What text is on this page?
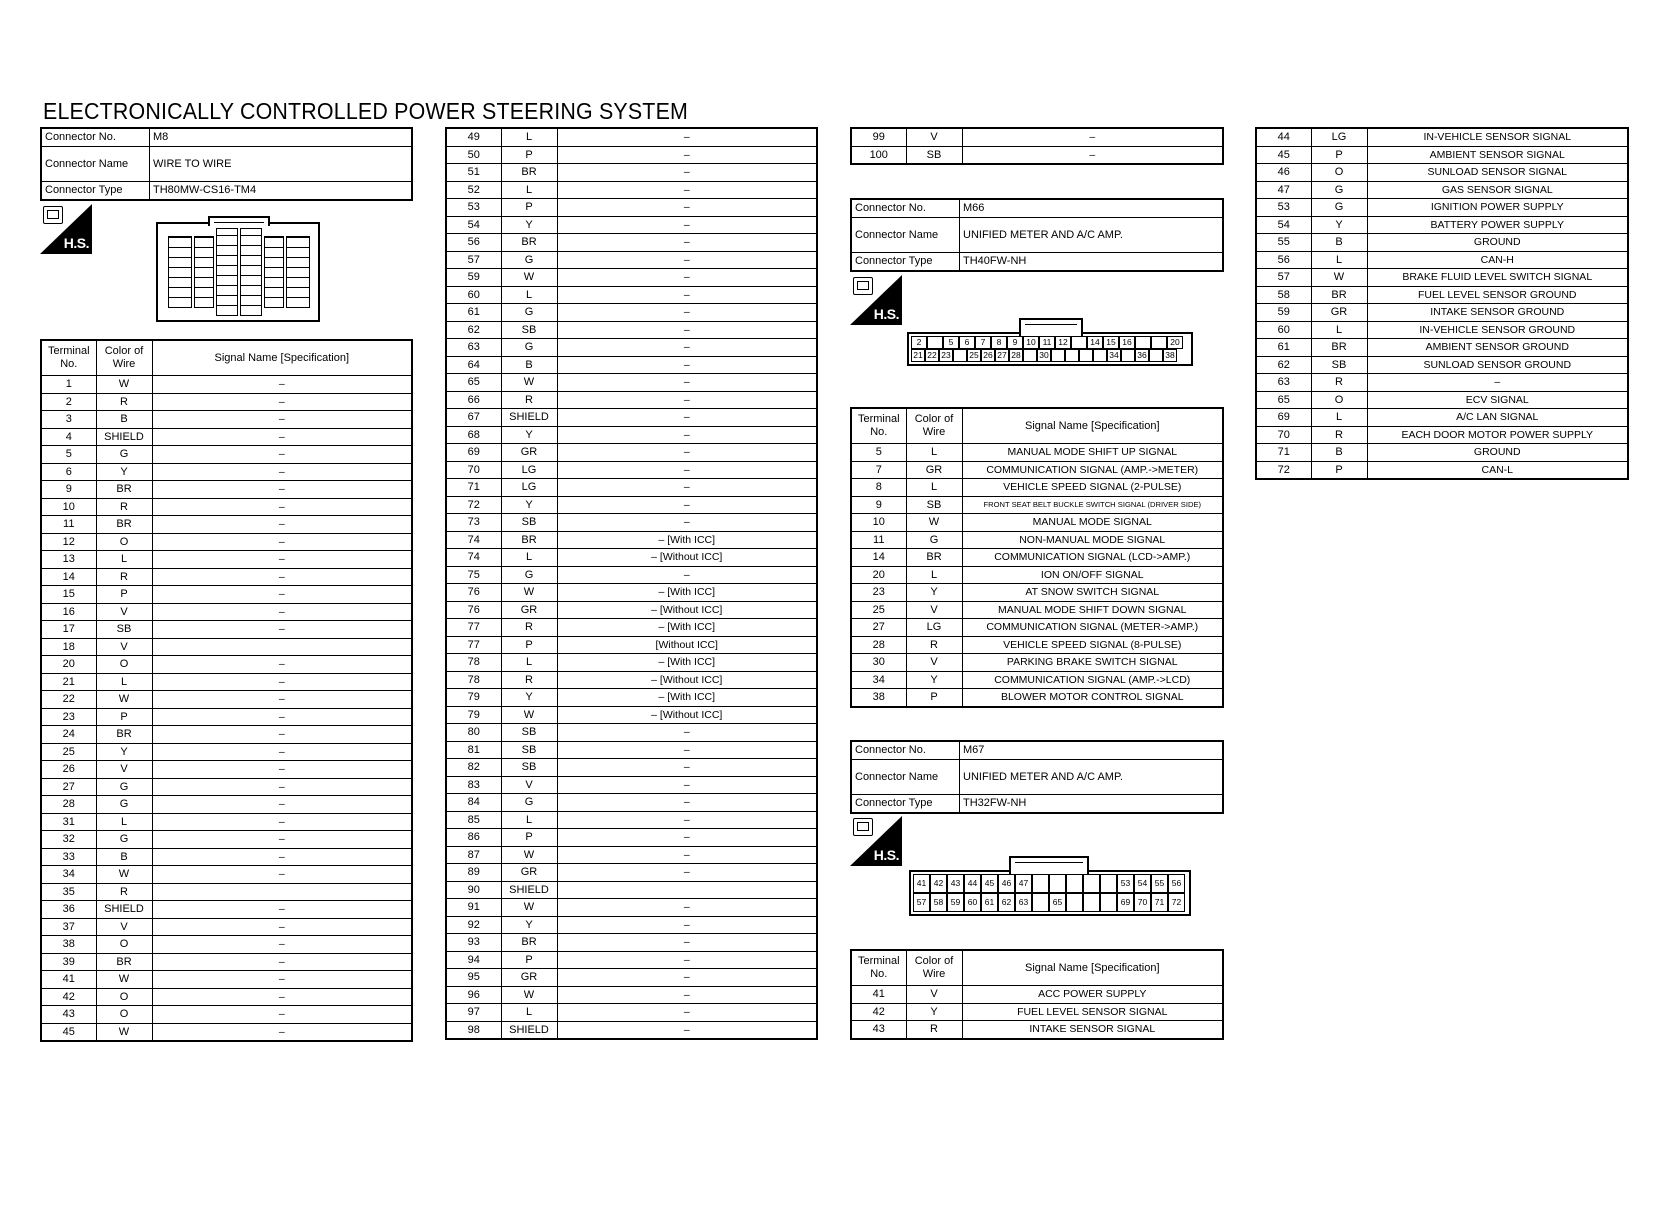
ELECTRONICALLY CONTROLLED POWER STEERING SYSTEM
Connector No.	M8
Connector Name	WIRE TO WIRE
Connector Type	TH80MW-CS16-TM4
H.S.
Terminal No.	Color of Wire	Signal Name [Specification]
1	W	–
2	R	–
3	B	–
4	SHIELD	–
5	G	–
6	Y	–
9	BR	–
10	R	–
11	BR	–
12	O	–
13	L	–
14	R	–
15	P	–
16	V	–
17	SB	–
18	V	
20	O	–
21	L	–
22	W	–
23	P	–
24	BR	–
25	Y	–
26	V	–
27	G	–
28	G	–
31	L	–
32	G	–
33	B	–
34	W	–
35	R	
36	SHIELD	–
37	V	–
38	O	–
39	BR	–
41	W	–
42	O	–
43	O	–
45	W	–
49	L	–
50	P	–
51	BR	–
52	L	–
53	P	–
54	Y	–
56	BR	–
57	G	–
59	W	–
60	L	–
61	G	–
62	SB	–
63	G	–
64	B	–
65	W	–
66	R	–
67	SHIELD	–
68	Y	–
69	GR	–
70	LG	–
71	LG	–
72	Y	–
73	SB	–
74	BR	– [With ICC]
74	L	– [Without ICC]
75	G	–
76	W	– [With ICC]
76	GR	– [Without ICC]
77	R	– [With ICC]
77	P	[Without ICC]
78	L	– [With ICC]
78	R	– [Without ICC]
79	Y	– [With ICC]
79	W	– [Without ICC]
80	SB	–
81	SB	–
82	SB	–
83	V	–
84	G	–
85	L	–
86	P	–
87	W	–
89	GR	–
90	SHIELD	
91	W	–
92	Y	–
93	BR	–
94	P	–
95	GR	–
96	W	–
97	L	–
98	SHIELD	–
99	V	–
100	SB	–
Connector No.	M66
Connector Name	UNIFIED METER AND A/C AMP.
Connector Type	TH40FW-NH
H.S.
2	5	6	7	8	9	10 11 12	14 15 16	20
21 22 23 25 26 27 28 30	34 36 38
Terminal No.	Color of Wire	Signal Name [Specification]
5	L	MANUAL MODE SHIFT UP SIGNAL
7	GR	COMMUNICATION SIGNAL (AMP.->METER)
8	L	VEHICLE SPEED SIGNAL (2-PULSE)
9	SB	FRONT SEAT BELT BUCKLE SWITCH SIGNAL (DRIVER SIDE)
10	W	MANUAL MODE SIGNAL
11	G	NON-MANUAL MODE SIGNAL
14	BR	COMMUNICATION SIGNAL (LCD->AMP.)
20	L	ION ON/OFF SIGNAL
23	Y	AT SNOW SWITCH SIGNAL
25	V	MANUAL MODE SHIFT DOWN SIGNAL
27	LG	COMMUNICATION SIGNAL (METER->AMP.)
28	R	VEHICLE SPEED SIGNAL (8-PULSE)
30	V	PARKING BRAKE SWITCH SIGNAL
34	Y	COMMUNICATION SIGNAL (AMP.->LCD)
38	P	BLOWER MOTOR CONTROL SIGNAL
Connector No.	M67
Connector Name	UNIFIED METER AND A/C AMP.
Connector Type	TH32FW-NH
H.S.
41 42 43 44 45 46 47	53 54 55 56
57 58 59 60 61 62 63	65	69 70 71 72
Terminal No.	Color of Wire	Signal Name [Specification]
41	V	ACC POWER SUPPLY
42	Y	FUEL LEVEL SENSOR SIGNAL
43	R	INTAKE SENSOR SIGNAL
44	LG	IN-VEHICLE SENSOR SIGNAL
45	P	AMBIENT SENSOR SIGNAL
46	O	SUNLOAD SENSOR SIGNAL
47	G	GAS SENSOR SIGNAL
53	G	IGNITION POWER SUPPLY
54	Y	BATTERY POWER SUPPLY
55	B	GROUND
56	L	CAN-H
57	W	BRAKE FLUID LEVEL SWITCH SIGNAL
58	BR	FUEL LEVEL SENSOR GROUND
59	GR	INTAKE SENSOR GROUND
60	L	IN-VEHICLE SENSOR GROUND
61	BR	AMBIENT SENSOR GROUND
62	SB	SUNLOAD SENSOR GROUND
63	R	–
65	O	ECV SIGNAL
69	L	A/C LAN SIGNAL
70	R	EACH DOOR MOTOR POWER SUPPLY
71	B	GROUND
72	P	CAN-L
